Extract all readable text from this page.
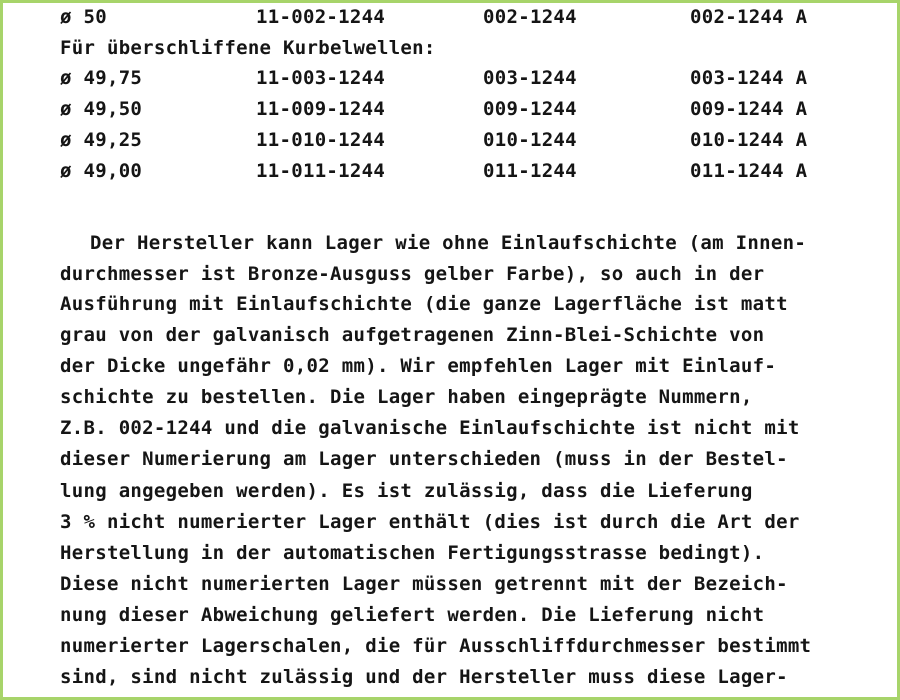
ø 50	11-002-1244	002-1244	002-1244 A
Für überschliffene Kurbelwellen:
ø 49,75	11-003-1244	003-1244	003-1244 A
ø 49,50	11-009-1244	009-1244	009-1244 A
ø 49,25	11-010-1244	010-1244	010-1244 A
ø 49,00	11-011-1244	011-1244	011-1244 A
Der Hersteller kann Lager wie ohne Einlaufschichte (am Innen-
durchmesser ist Bronze-Ausguss gelber Farbe), so auch in der
Ausführung mit Einlaufschichte (die ganze Lagerfläche ist matt
grau von der galvanisch aufgetragenen Zinn-Blei-Schichte von
der Dicke ungefähr 0,02 mm). Wir empfehlen Lager mit Einlauf-
schichte zu bestellen. Die Lager haben eingeprägte Nummern,
Z.B. 002-1244 und die galvanische Einlaufschichte ist nicht mit
dieser Numerierung am Lager unterschieden (muss in der Bestel-
lung angegeben werden). Es ist zulässig, dass die Lieferung
3 % nicht numerierter Lager enthält (dies ist durch die Art der
Herstellung in der automatischen Fertigungsstrasse bedingt).
Diese nicht numerierten Lager müssen getrennt mit der Bezeich-
nung dieser Abweichung geliefert werden. Die Lieferung nicht
numerierter Lagerschalen, die für Ausschliffdurchmesser bestimmt
sind, sind nicht zulässig und der Hersteller muss diese Lager-
